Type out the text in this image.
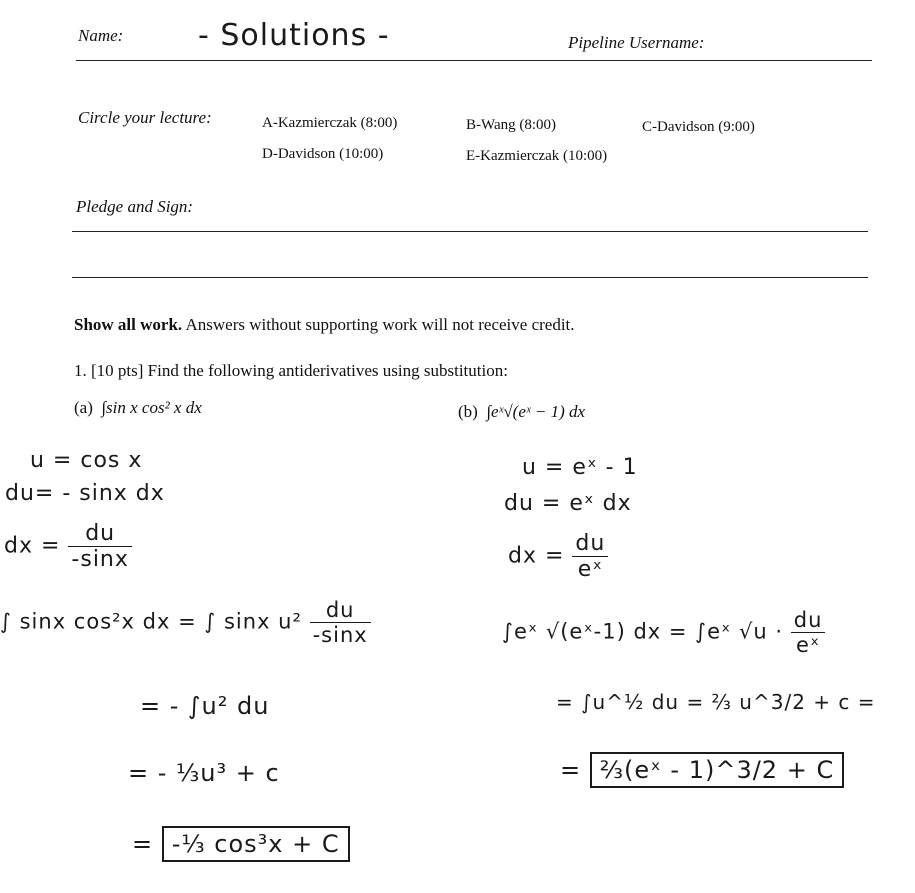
Name: - Solutions -	Pipeline Username:
Circle your lecture:	A-Kazmierczak (8:00)	B-Wang (8:00)	C-Davidson (9:00)
D-Davidson (10:00)	E-Kazmierczak (10:00)
Pledge and Sign:
Show all work. Answers without supporting work will not receive credit.
1. [10 pts] Find the following antiderivatives using substitution:
(a) ∫sin x cos² x dx	(b) ∫eˣ√(eˣ − 1) dx
u = cos x
du= - sinx dx
dx = $\frac{du}{-\sin x}$
∫ sinx cos²x dx = ∫ sinx $u^2 \frac{du}{-\sin x}$
= - ∫u² du
= - ⅓u³ + c
= -⅓ cos³x + C
u = eˣ - 1
du = eˣ dx
dx = $\frac{du}{\text{eˣ}}$
∫eˣ √(eˣ-1) dx = ∫eˣ $√u \cdot \frac{du}{\text{eˣ}}$
= ∫u^½ du = ⅔ u^3/2 + c =
= ⅔(eˣ - 1)^3/2 + C
